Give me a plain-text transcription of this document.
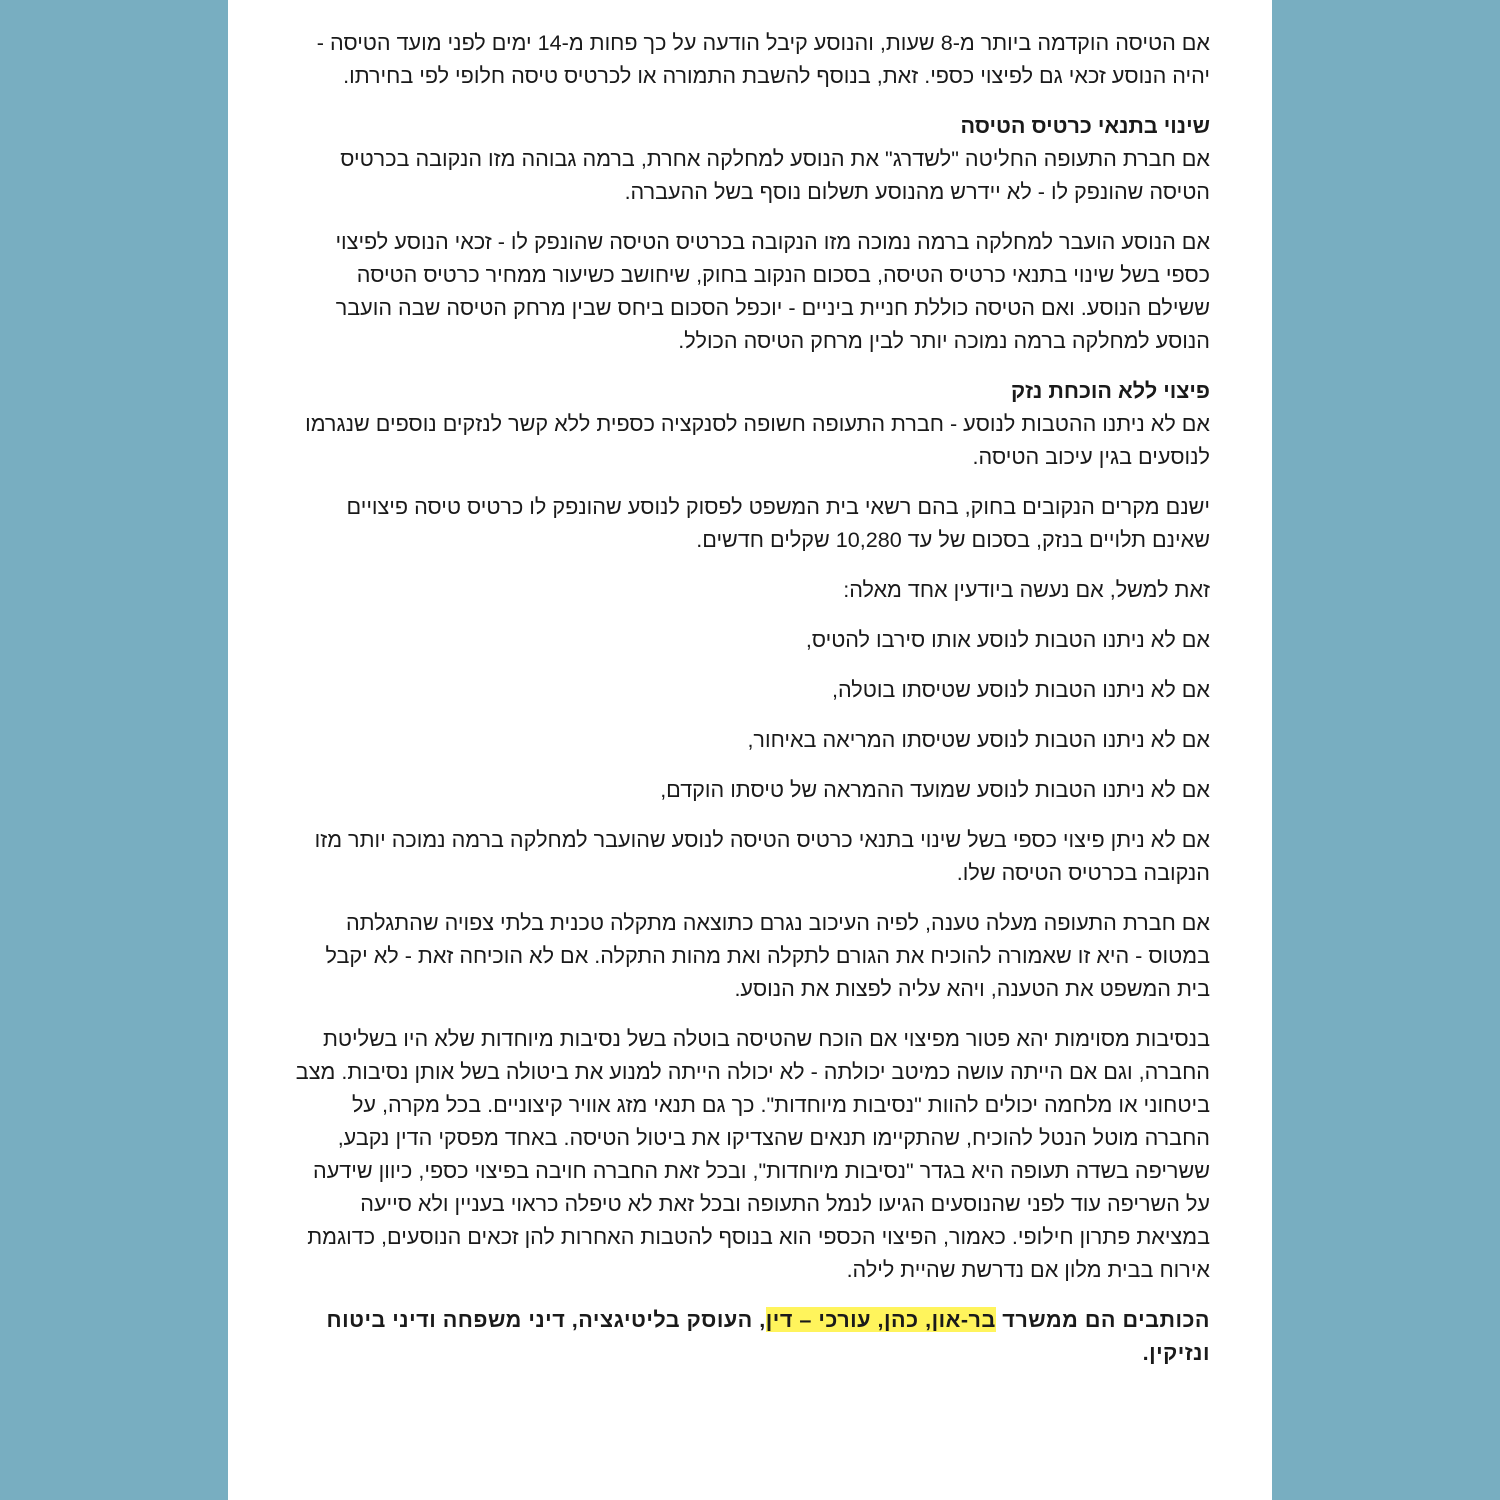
אם הטיסה הוקדמה ביותר מ-8 שעות, והנוסע קיבל הודעה על כך פחות מ-14 ימים לפני מועד הטיסה - יהיה הנוסע זכאי גם לפיצוי כספי. זאת, בנוסף להשבת התמורה או לכרטיס טיסה חלופי לפי בחירתו.

שינוי בתנאי כרטיס הטיסה

אם חברת התעופה החליטה "לשדרג" את הנוסע למחלקה אחרת, ברמה גבוהה מזו הנקובה בכרטיס הטיסה שהונפק לו - לא יידרש מהנוסע תשלום נוסף בשל ההעברה.

אם הנוסע הועבר למחלקה ברמה נמוכה מזו הנקובה בכרטיס הטיסה שהונפק לו - זכאי הנוסע לפיצוי כספי בשל שינוי בתנאי כרטיס הטיסה, בסכום הנקוב בחוק, שיחושב כשיעור ממחיר כרטיס הטיסה ששילם הנוסע. ואם הטיסה כוללת חניית ביניים - יוכפל הסכום ביחס שבין מרחק הטיסה שבה הועבר הנוסע למחלקה ברמה נמוכה יותר לבין מרחק הטיסה הכולל.

פיצוי ללא הוכחת נזק

אם לא ניתנו ההטבות לנוסע - חברת התעופה חשופה לסנקציה כספית ללא קשר לנזקים נוספים שנגרמו לנוסעים בגין עיכוב הטיסה.

ישנם מקרים הנקובים בחוק, בהם רשאי בית המשפט לפסוק לנוסע שהונפק לו כרטיס טיסה פיצויים שאינם תלויים בנזק, בסכום של עד 10,280 שקלים חדשים.

זאת למשל, אם נעשה ביודעין אחד מאלה:

אם לא ניתנו הטבות לנוסע אותו סירבו להטיס,

אם לא ניתנו הטבות לנוסע שטיסתו בוטלה,

אם לא ניתנו הטבות לנוסע שטיסתו המריאה באיחור,

אם לא ניתנו הטבות לנוסע שמועד ההמראה של טיסתו הוקדם,

אם לא ניתן פיצוי כספי בשל שינוי בתנאי כרטיס הטיסה לנוסע שהועבר למחלקה ברמה נמוכה יותר מזו הנקובה בכרטיס הטיסה שלו.

אם חברת התעופה מעלה טענה, לפיה העיכוב נגרם כתוצאה מתקלה טכנית בלתי צפויה שהתגלתה במטוס - היא זו שאמורה להוכיח את הגורם לתקלה ואת מהות התקלה. אם לא הוכיחה זאת - לא יקבל בית המשפט את הטענה, ויהא עליה לפצות את הנוסע.

בנסיבות מסוימות יהא פטור מפיצוי אם הוכח שהטיסה בוטלה בשל נסיבות מיוחדות שלא היו בשליטת החברה, וגם אם הייתה עושה כמיטב יכולתה - לא יכולה הייתה למנוע את ביטולה בשל אותן נסיבות. מצב ביטחוני או מלחמה יכולים להוות "נסיבות מיוחדות". כך גם תנאי מזג אוויר קיצוניים. בכל מקרה, על החברה מוטל הנטל להוכיח, שהתקיימו תנאים שהצדיקו את ביטול הטיסה. באחד מפסקי הדין נקבע, ששריפה בשדה תעופה היא בגדר "נסיבות מיוחדות", ובכל זאת החברה חויבה בפיצוי כספי, כיוון שידעה על השריפה עוד לפני שהנוסעים הגיעו לנמל התעופה ובכל זאת לא טיפלה כראוי בעניין ולא סייעה במציאת פתרון חילופי. כאמור, הפיצוי הכספי הוא בנוסף להטבות האחרות להן זכאים הנוסעים, כדוגמת אירוח בבית מלון אם נדרשת שהיית לילה.

הכותבים הם ממשרד בר-און, כהן, עורכי – דין, העוסק בליטיגציה, דיני משפחה ודיני ביטוח ונזיקין.
